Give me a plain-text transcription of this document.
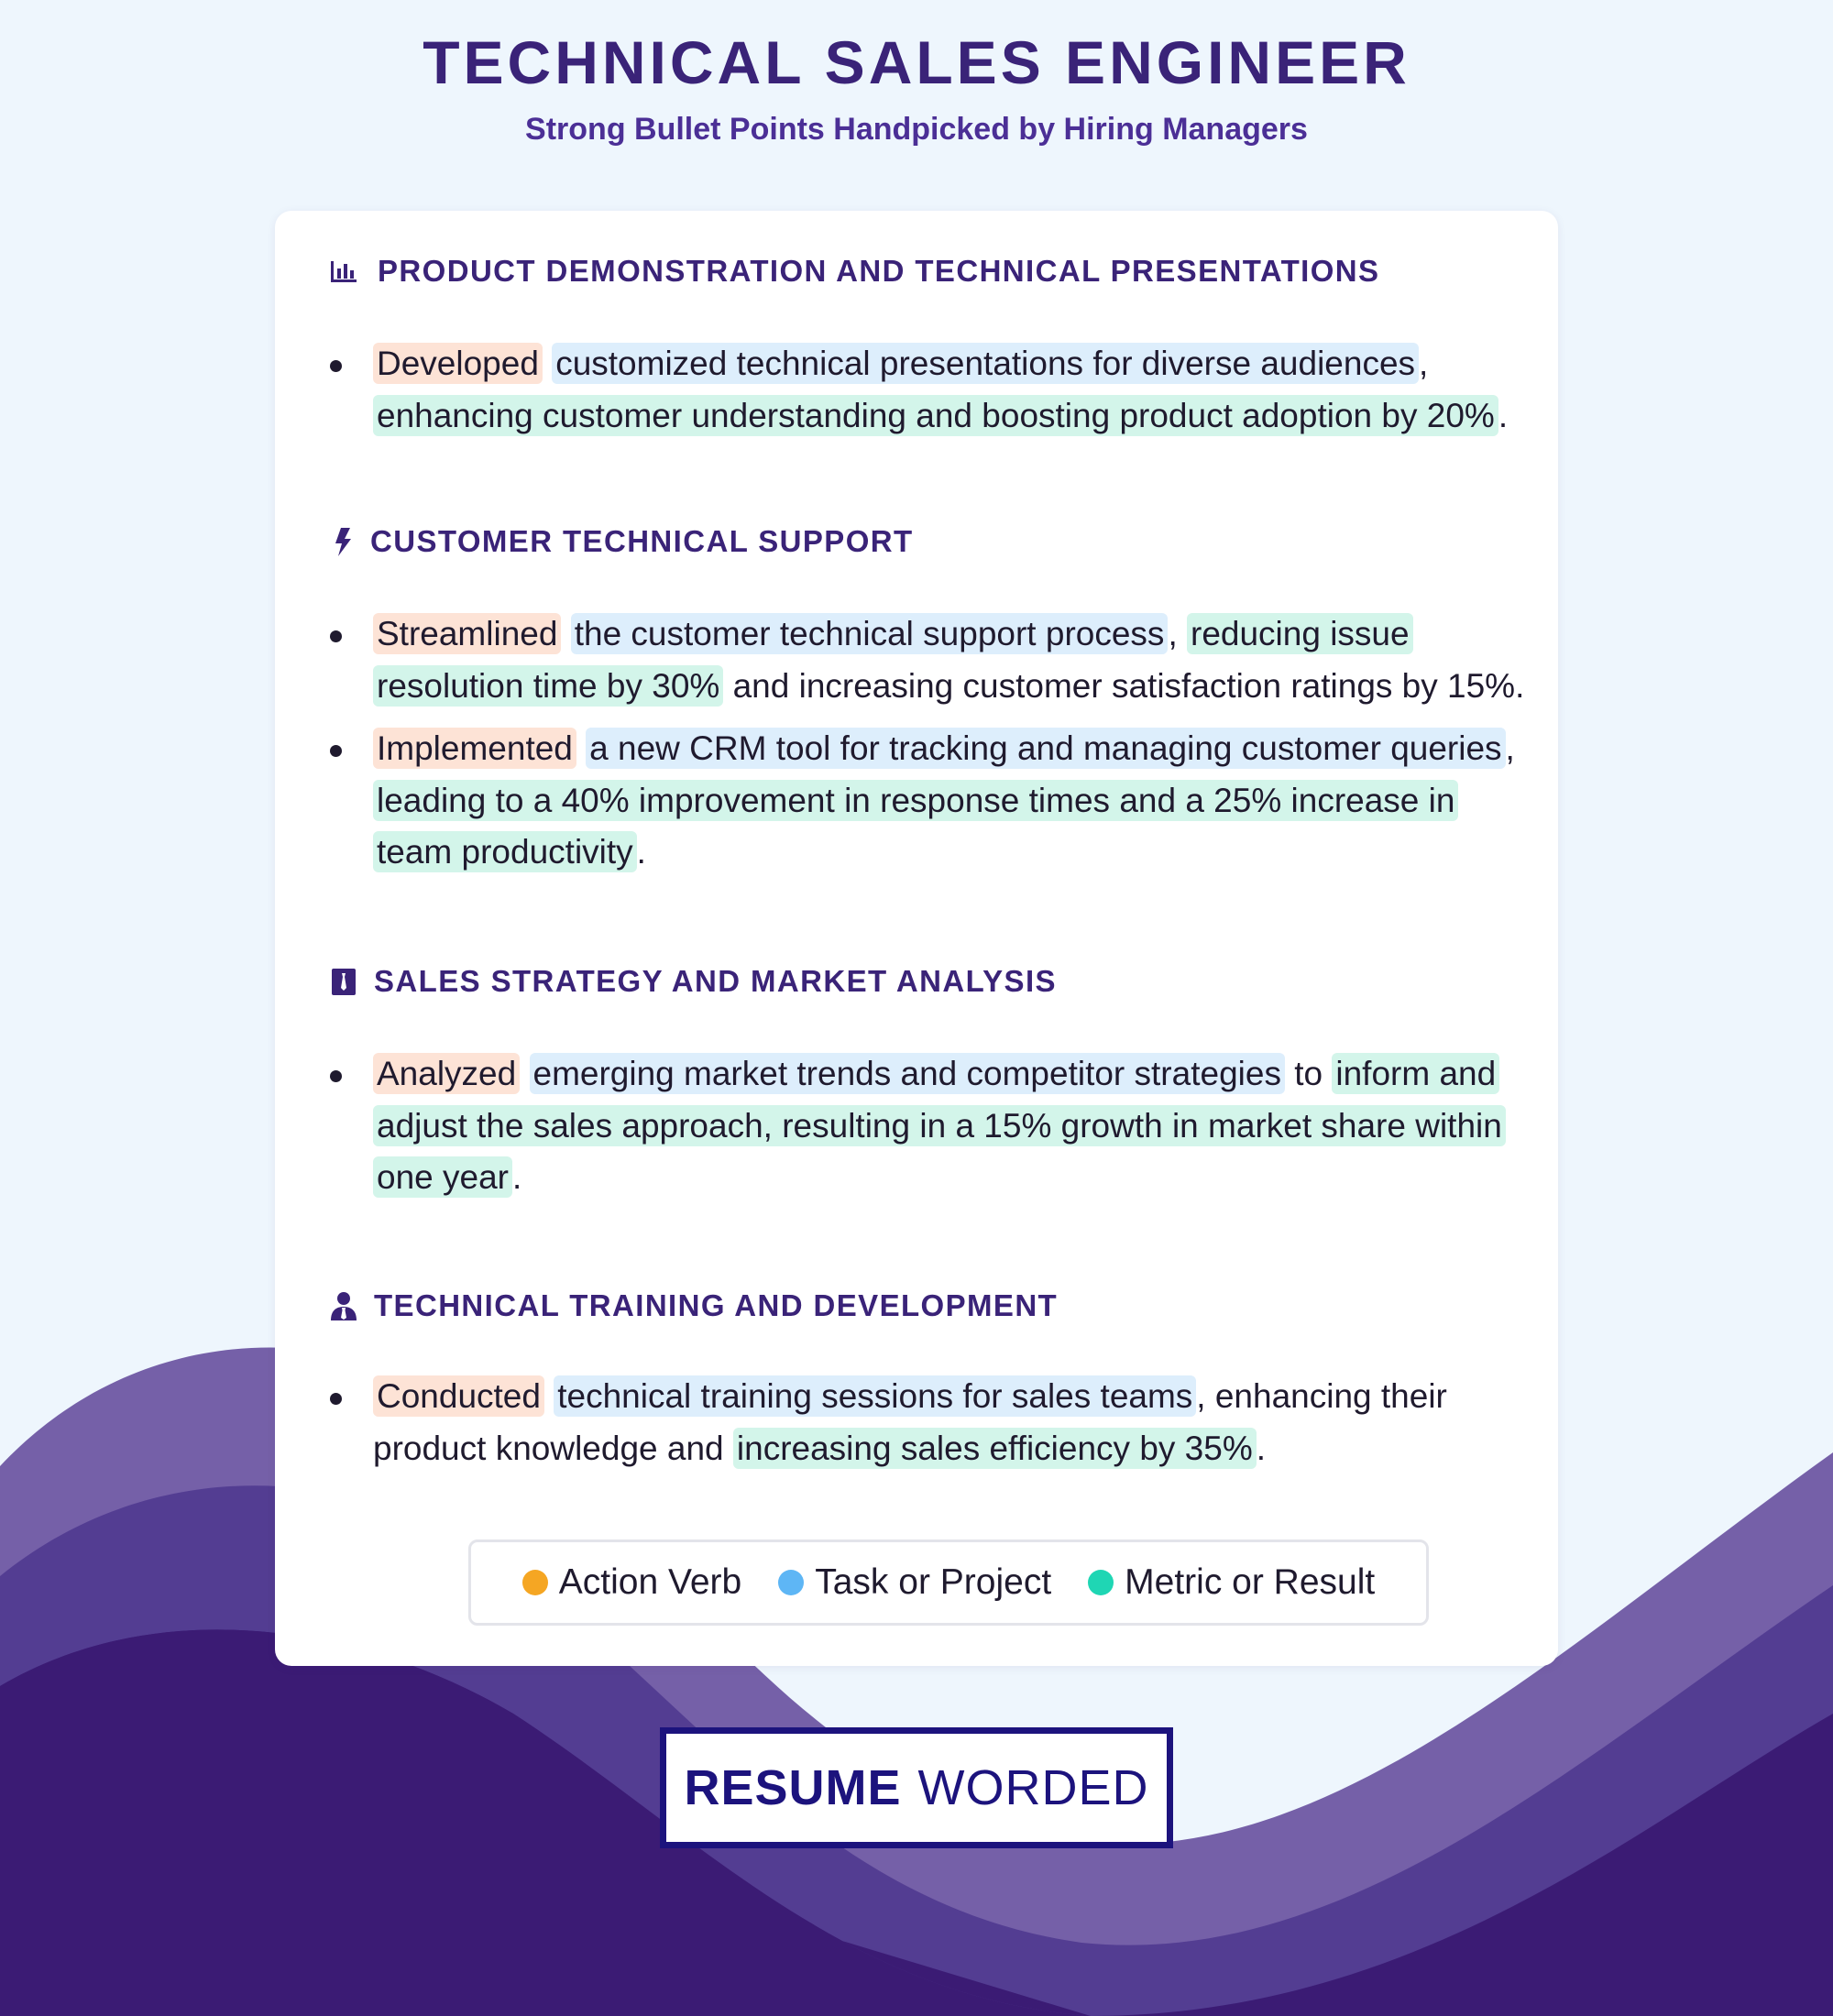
TECHNICAL SALES ENGINEER
Strong Bullet Points Handpicked by Hiring Managers
PRODUCT DEMONSTRATION AND TECHNICAL PRESENTATIONS
Developed customized technical presentations for diverse audiences , enhancing customer understanding and boosting product adoption by 20% .
CUSTOMER TECHNICAL SUPPORT
Streamlined the customer technical support process , reducing issue resolution time by 30% and increasing customer satisfaction ratings by 15%.
Implemented a new CRM tool for tracking and managing customer queries , leading to a 40% improvement in response times and a 25% increase in team productivity .
SALES STRATEGY AND MARKET ANALYSIS
Analyzed emerging market trends and competitor strategies to inform and adjust the sales approach, resulting in a 15% growth in market share within one year .
TECHNICAL TRAINING AND DEVELOPMENT
Conducted technical training sessions for sales teams , enhancing their product knowledge and increasing sales efficiency by 35% .
Action Verb Task or Project Metric or Result
RESUME WORDED
